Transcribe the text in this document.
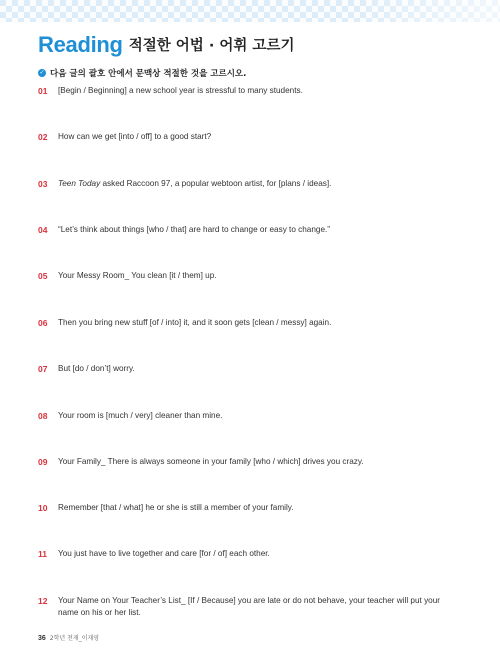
Reading 적절한 어법 · 어휘 고르기
✓ 다음 글의 괄호 안에서 문맥상 적절한 것을 고르시오.
01	[Begin / Beginning] a new school year is stressful to many students.
02	How can we get [into / off] to a good start?
03	Teen Today asked Raccoon 97, a popular webtoon artist, for [plans / ideas].
04	“Let’s think about things [who / that] are hard to change or easy to change.”
05	Your Messy Room_ You clean [it / them] up.
06	Then you bring new stuff [of / into] it, and it soon gets [clean / messy] again.
07	But [do / don’t] worry.
08	Your room is [much / very] cleaner than mine.
09	Your Family_ There is always someone in your family [who / which] drives you crazy.
10	Remember [that / what] he or she is still a member of your family.
11	You just have to live together and care [for / of] each other.
12	Your Name on Your Teacher’s List_ [If / Because] you are late or do not behave, your teacher will put your name on his or her list.
36 2학년 천재_이재영
